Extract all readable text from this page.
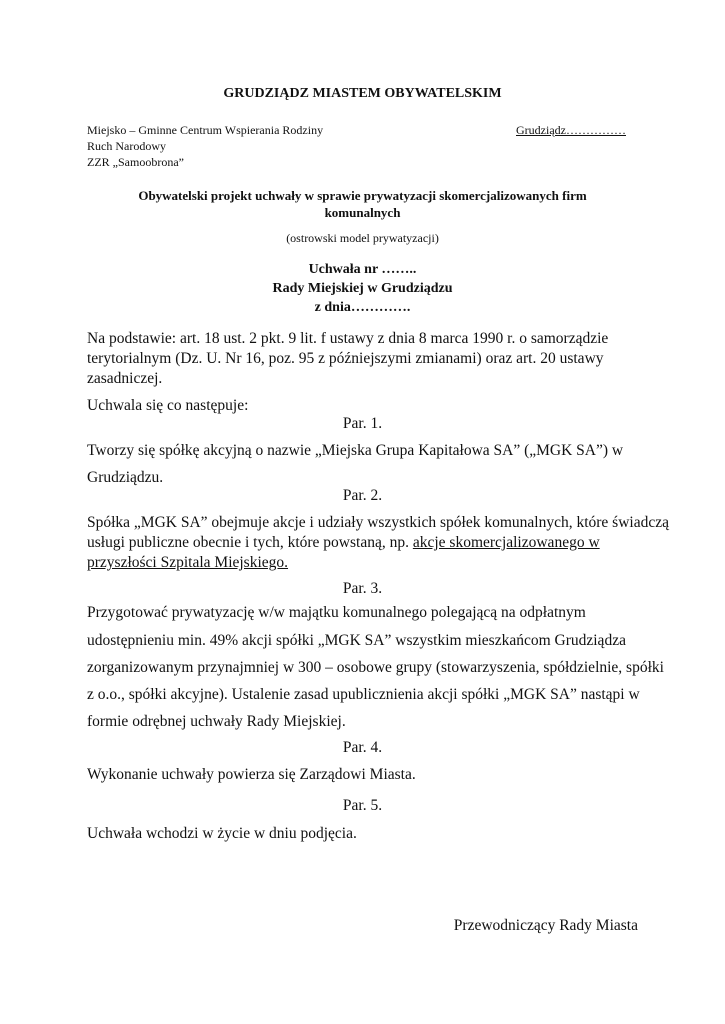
GRUDZIĄDZ MIASTEM OBYWATELSKIM
Miejsko – Gminne Centrum Wspierania Rodziny
Ruch Narodowy
ZZR „Samoobrona”
Grudziądz……………
Obywatelski projekt uchwały w sprawie prywatyzacji skomercjalizowanych firm
komunalnych
(ostrowski model prywatyzacji)
Uchwała nr ……..
Rady Miejskiej w Grudziądzu
z dnia………….
Na podstawie: art. 18 ust. 2 pkt. 9 lit. f ustawy z dnia 8 marca 1990 r. o samorządzie
terytorialnym (Dz. U. Nr 16, poz. 95 z późniejszymi zmianami) oraz art. 20 ustawy
zasadniczej.
Uchwala się co następuje:
Par. 1.
Tworzy się spółkę akcyjną o nazwie „Miejska Grupa Kapitałowa SA” („MGK SA”) w
Grudziądzu.
Par. 2.
Spółka „MGK SA” obejmuje akcje i udziały wszystkich spółek komunalnych, które świadczą
usługi publiczne obecnie i tych, które powstaną, np. akcje skomercjalizowanego w
przyszłości Szpitala Miejskiego.
Par. 3.
Przygotować prywatyzację w/w majątku komunalnego polegającą na odpłatnym
udostępnieniu min. 49% akcji spółki „MGK SA” wszystkim mieszkańcom Grudziądza
zorganizowanym przynajmniej w 300 – osobowe grupy (stowarzyszenia, spółdzielnie, spółki
z o.o., spółki akcyjne). Ustalenie zasad upublicznienia akcji spółki „MGK SA” nastąpi w
formie odrębnej uchwały Rady Miejskiej.
Par. 4.
Wykonanie uchwały powierza się Zarządowi Miasta.
Par. 5.
Uchwała wchodzi w życie w dniu podjęcia.
Przewodniczący Rady Miasta
